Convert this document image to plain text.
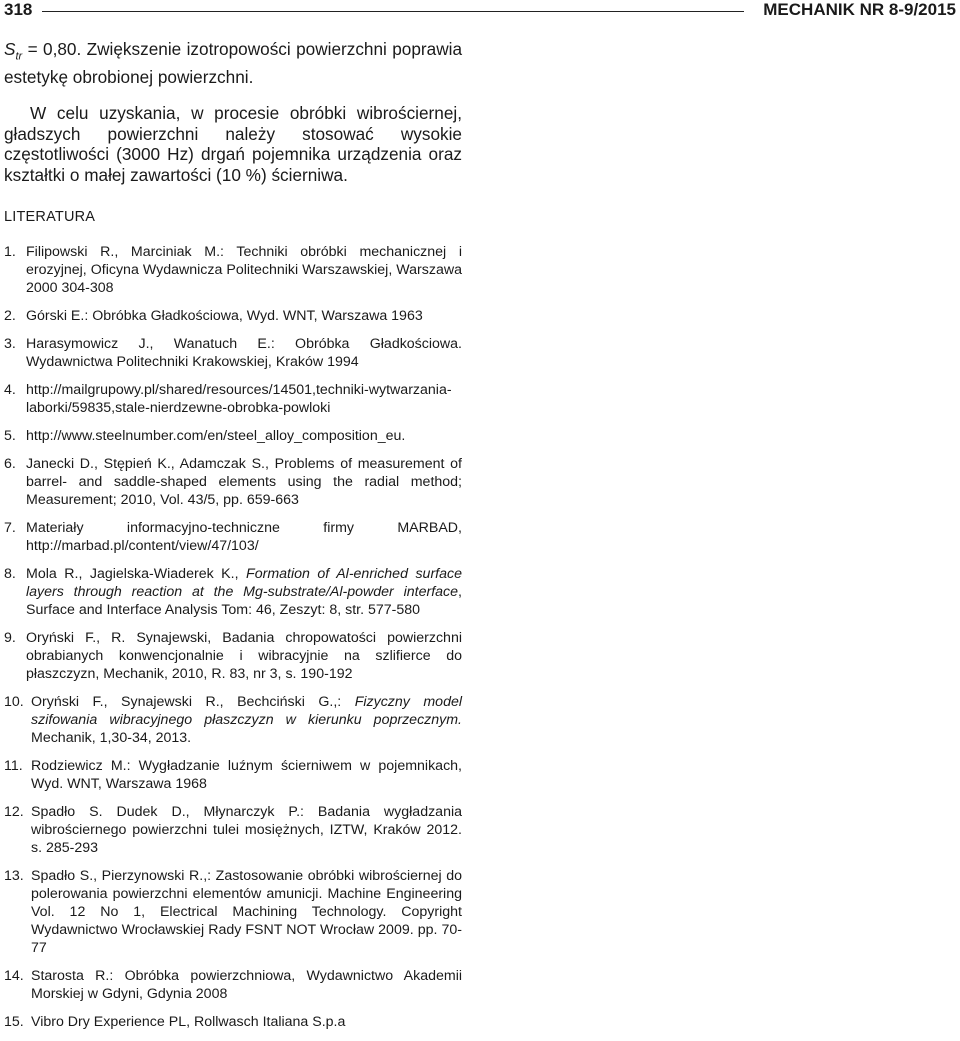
318	MECHANIK NR 8-9/2015

$S_{tr} = 0,80$. Zwiększenie izotropowości powierzchni poprawia estetykę obrobionej powierzchni.

W celu uzyskania, w procesie obróbki wibrościernej, gładszych powierzchni należy stosować wysokie częstotliwości (3000 Hz) drgań pojemnika urządzenia oraz kształtki o małej zawartości (10 %) ścierniwa.

LITERATURA
1. Filipowski R., Marciniak M.: Techniki obróbki mechanicznej i erozyjnej, Oficyna Wydawnicza Politechniki Warszawskiej, Warszawa 2000 304-308
2. Górski E.: Obróbka Gładkościowa, Wyd. WNT, Warszawa 1963
3. Harasymowicz J., Wanatuch E.: Obróbka Gładkościowa. Wydawnictwa Politechniki Krakowskiej, Kraków 1994
4. http://mailgrupowy.pl/shared/resources/14501,techniki-wytwarzania-laborki/59835,stale-nierdzewne-obrobka-powloki
5. http://www.steelnumber.com/en/steel_alloy_composition_eu.
6. Janecki D., Stępień K., Adamczak S., Problems of measurement of barrel- and saddle-shaped elements using the radial method; Measurement; 2010, Vol. 43/5, pp. 659-663
7. Materiały informacyjno-techniczne firmy MARBAD, http://marbad.pl/content/view/47/103/
8. Mola R., Jagielska-Wiaderek K., Formation of Al-enriched surface layers through reaction at the Mg-substrate/Al-powder interface, Surface and Interface Analysis Tom: 46, Zeszyt: 8, str. 577-580
9. Oryński F., R. Synajewski, Badania chropowatości powierzchni obrabianych konwencjonalnie i wibracyjnie na szlifierce do płaszczyzn, Mechanik, 2010, R. 83, nr 3, s. 190-192
10. Oryński F., Synajewski R., Bechciński G.,: Fizyczny model szifowania wibracyjnego płaszczyzn w kierunku poprzecznym. Mechanik, 1,30-34, 2013.
11. Rodziewicz M.: Wygładzanie luźnym ścierniwem w pojemnikach, Wyd. WNT, Warszawa 1968
12. Spadło S. Dudek D., Młynarczyk P.: Badania wygładzania wibrościernego powierzchni tulei mosiężnych, IZTW, Kraków 2012. s. 285-293
13. Spadło S., Pierzynowski R.,: Zastosowanie obróbki wibrościernej do polerowania powierzchni elementów amunicji. Machine Engineering Vol. 12 No 1, Electrical Machining Technology. Copyright Wydawnictwo Wrocławskiej Rady FSNT NOT Wrocław 2009. pp. 70-77
14. Starosta R.: Obróbka powierzchniowa, Wydawnictwo Akademii Morskiej w Gdyni, Gdynia 2008
15. Vibro Dry Experience PL, Rollwasch Italiana S.p.a
